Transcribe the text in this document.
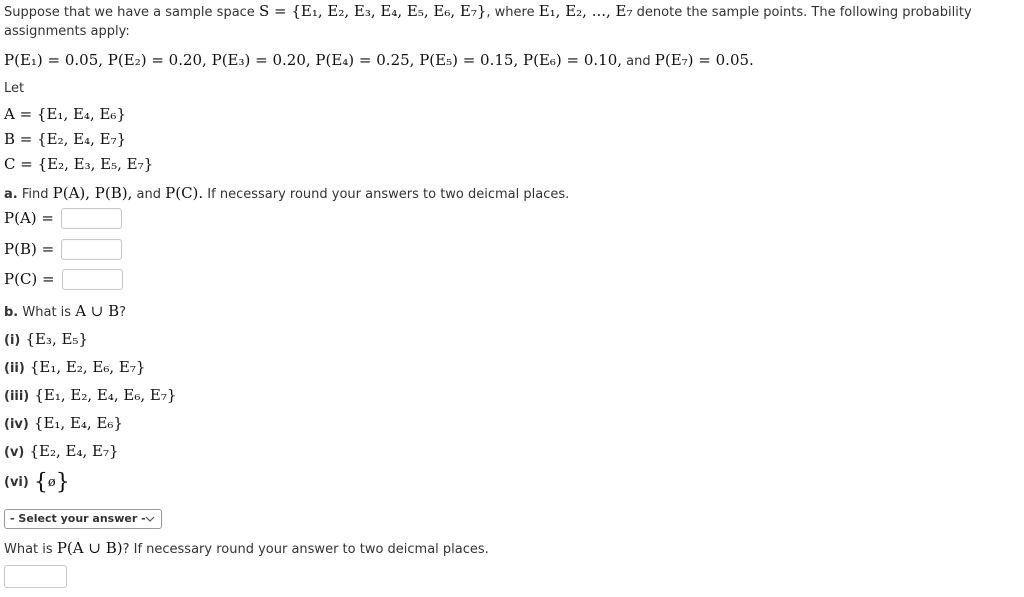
Suppose that we have a sample space S = {E₁, E₂, E₃, E₄, E₅, E₆, E₇}, where E₁, E₂, ..., E₇ denote the sample points. The following probability
assignments apply:
P(E₁) = 0.05, P(E₂) = 0.20, P(E₃) = 0.20, P(E₄) = 0.25, P(E₅) = 0.15, P(E₆) = 0.10, and P(E₇) = 0.05.
Let
A = {E₁, E₄, E₆}
B = {E₂, E₄, E₇}
C = {E₂, E₃, E₅, E₇}
a. Find P(A), P(B), and P(C). If necessary round your answers to two deicmal places.
P(A) =
P(B) =
P(C) =
b. What is A ∪ B?
(i) {E₃, E₅}
(ii) {E₁, E₂, E₆, E₇}
(iii) {E₁, E₂, E₄, E₆, E₇}
(iv) {E₁, E₄, E₆}
(v) {E₂, E₄, E₇}
(vi) {ø}
- Select your answer -
What is P(A ∪ B)? If necessary round your answer to two deicmal places.
